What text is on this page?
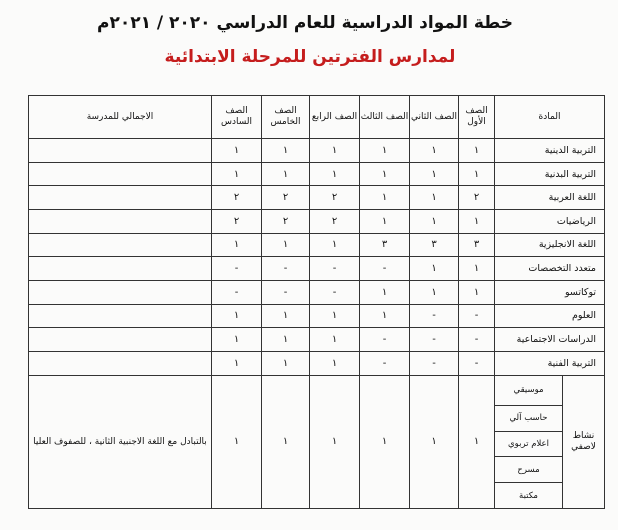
خطة المواد الدراسية للعام الدراسي ٢٠٢٠ / ٢٠٢١م
لمدارس الفترتين للمرحلة الابتدائية
المادة		الصف الأول	الصف الثاني	الصف الثالث	الصف الرابع	الصف الخامس	الصف السادس	الاجمالي للمدرسة
التربية الدينية		١	١	١	١	١	١	
التربية البدنية		١	١	١	١	١	١	
اللغة العربية		٢	١	١	٢	٢	٢	
الرياضيات		١	١	١	٢	٢	٢	
اللغة الانجليزية		٣	٣	٣	١	١	١	
متعدد التخصصات		١	١	-	-	-	-	
توكاتسو		١	١	١	-	-	-	
العلوم		-	-	١	١	١	١	
الدراسات الاجتماعية		-	-	-	١	١	١	
التربية الفنية		-	-	-	١	١	١	
نشاط لاصفي	موسيقي	١	١	١	١	١	١	بالتبادل مع اللغة الاجنبية الثانية ، للصفوف العليا
	حاسب آلي							
	اعلام تربوي							
	مسرح							
	مكتبة							
